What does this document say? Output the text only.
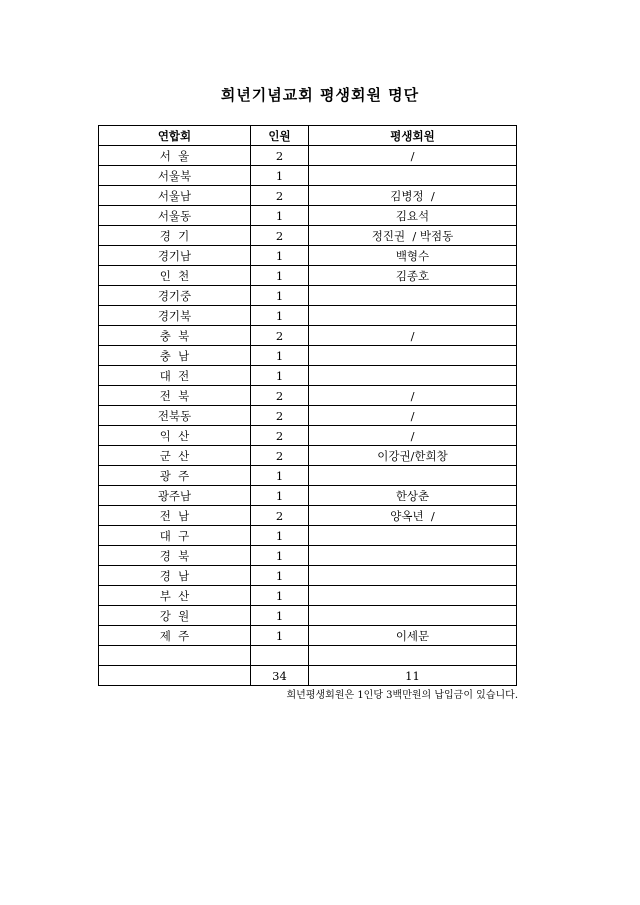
희년기념교회 평생회원 명단
연합회	인원	평생회원
서  울	2	/
서울북	1	
서울남	2	김병정  /
서울동	1	김요석
경  기	2	정진권  / 박점동
경기남	1	백형수
인  천	1	김종호
경기중	1	
경기북	1	
충  북	2	/
충  남	1	
대  전	1	
전  북	2	/
전북동	2	/
익  산	2	/
군  산	2	이강권/한희창
광  주	1	
광주남	1	한상춘
전  남	2	양옥년  /
대  구	1	
경  북	1	
경  남	1	
부  산	1	
강  원	1	
제  주	1	이세문

	34	11
희년평생회원은 1인당 3백만원의 납입금이 있습니다.
